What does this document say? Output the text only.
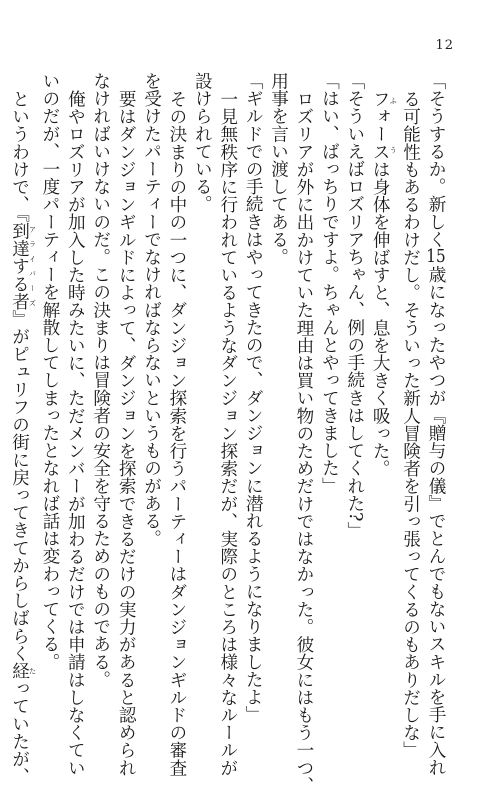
12
「そうするか。新しく15歳になったやつが『贈与の儀』でとんでもないスキルを手に入れ
る可能性もあるわけだし。そういった新人冒険者を引っ張ってくるのもありだしな」
フォース ふうは身体を伸ばすと、息を大きく吸った。
「そういえばロズリアちゃん、例の手続きはしてくれた?」
「はい、ばっちりですよ。ちゃんとやってきました」
ロズリアが外に出かけていた理由は買い物のためだけではなかった。彼女にはもう一つ、
用事を言い渡してある。
「ギルドでの手続きはやってきたので、ダンジョンに潜れるようになりましたよ」
一見無秩序に行われているようなダンジョン探索だが、実際のところは様々なルールが
設けられている。
その決まりの中の一つに、ダンジョン探索を行うパーティーはダンジョンギルドの審査
を受けたパーティーでなければならないというものがある。
要はダンジョンギルドによって、ダンジョンを探索できるだけの実力があると認められ
なければいけないのだ。この決まりは冒険者の安全を守るためのものである。
俺やロズリアが加入した時みたいに、ただメンバーが加わるだけでは申請はしなくてい
いのだが、一度パーティーを解散してしまったとなれば話は変わってくる。
というわけで、『到達する者 アライバーズ』がピュリフの街に戻ってきてからしばらく経 たっていたが、
